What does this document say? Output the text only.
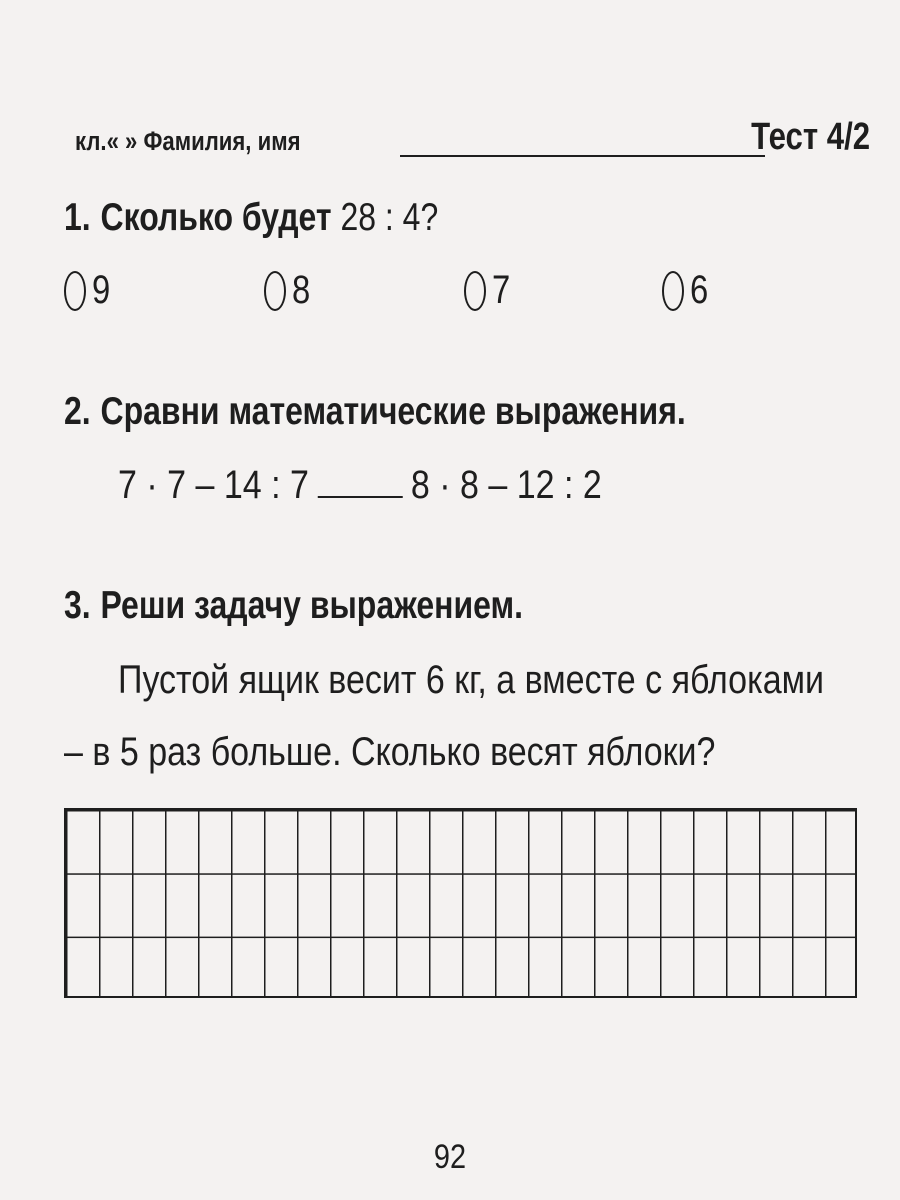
кл.« » Фамилия, имя	Тест 4/2
1. Сколько будет 28 : 4?
9	8	7	6
2. Сравни математические выражения.
7 · 7 – 14 : 7	8 · 8 – 12 : 2
3. Реши задачу выражением.
Пустой ящик весит 6 кг, а вместе с яблоками
– в 5 раз больше. Сколько весят яблоки?
92
